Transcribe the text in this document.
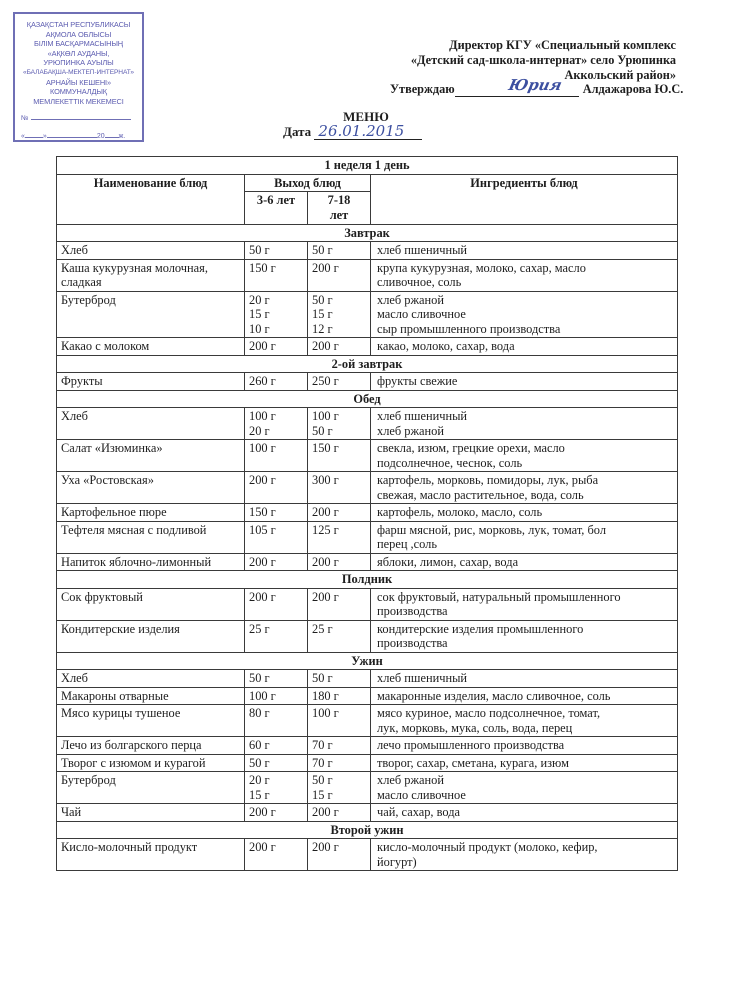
ҚАЗАҚСТАН РЕСПУБЛИКАСЫ
АҚМОЛА ОБЛЫСЫ
БІЛІМ БАСҚАРМАСЫНЫҢ
«АҚКӨЛ АУДАНЫ,
УРЮПИНКА АУЫЛЫ
«БАЛАБАҚША-МЕКТЕП-ИНТЕРНАТ»
АРНАЙЫ КЕШЕНІ»
КОММУНАЛДЫҚ
МЕМЛЕКЕТТІК МЕКЕМЕСІ
№
«	»	20 ж.
Директор КГУ «Специальный комплекс
«Детский сад-школа-интернат» село Урюпинка
Аккольский район»
Утверждаю	Юрия Алдажарова Ю.С.
МЕНЮ
Дата 26.01.2015
1 неделя 1 день			
Наименование блюд	Выход блюд		Ингредиенты блюд
	3-6 лет	7-18
лет	

Завтрак			

Хлеб	50 г	50 г	хлеб пшеничный

Каша кукурузная молочная,
сладкая	150 г	200 г	крупа кукурузная, молоко, сахар, масло
сливочное, соль

Бутерброд	20 г
15 г
10 г	50 г
15 г
12 г	хлеб ржаной
масло сливочное
сыр промышленного производства

Какао с молоком	200 г	200 г	какао, молоко, сахар, вода

2-ой завтрак			

Фрукты	260 г	250 г	фрукты свежие

Обед			

Хлеб	100 г
20 г	100 г
50 г	хлеб пшеничный
хлеб ржаной

Салат «Изюминка»	100 г	150 г	свекла, изюм, грецкие орехи, масло
подсолнечное, чеснок, соль

Уха «Ростовская»	200 г	300 г	картофель, морковь, помидоры, лук, рыба
свежая, масло растительное, вода, соль

Картофельное пюре	150 г	200 г	картофель, молоко, масло, соль

Тефтеля мясная с подливой	105 г	125 г	фарш мясной, рис, морковь, лук, томат, бол
перец ,соль

Напиток яблочно-лимонный	200 г	200 г	яблоки, лимон, сахар, вода

Полдник			

Сок фруктовый	200 г	200 г	сок фруктовый, натуральный промышленного
производства

Кондитерские изделия	25 г	25 г	кондитерские изделия промышленного
производства

Ужин			

Хлеб	50 г	50 г	хлеб пшеничный

Макароны отварные	100 г	180 г	макаронные изделия, масло сливочное, соль

Мясо курицы тушеное	80 г	100 г	мясо куриное, масло подсолнечное, томат,
лук, морковь, мука, соль, вода, перец

Лечо из болгарского перца	60 г	70 г	лечо промышленного производства

Творог с изюмом и курагой	50 г	70 г	творог, сахар, сметана, курага, изюм

Бутерброд	20 г
15 г	50 г
15 г	хлеб ржаной
масло сливочное

Чай	200 г	200 г	чай, сахар, вода

Второй ужин			

Кисло-молочный продукт	200 г	200 г	кисло-молочный продукт (молоко, кефир,
йогурт)
